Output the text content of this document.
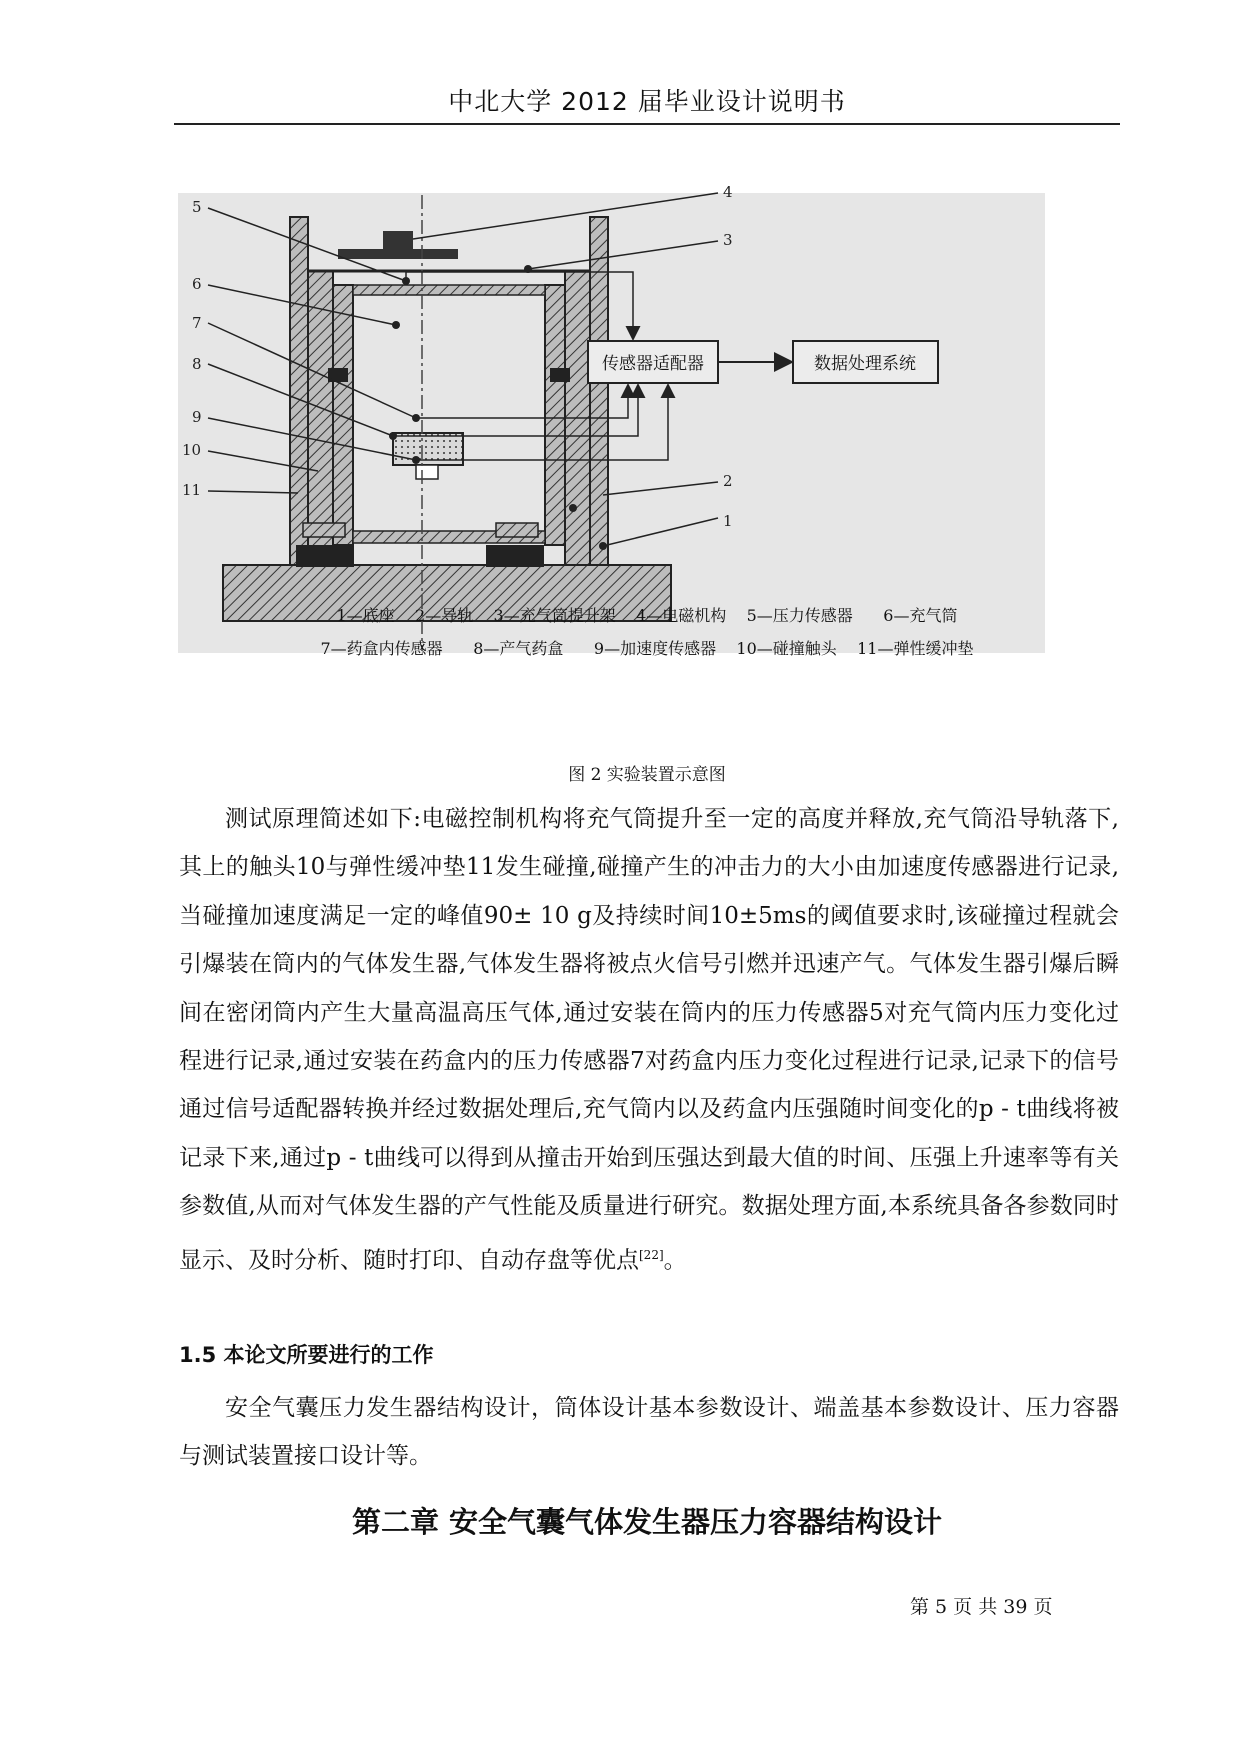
中北大学 2012 届毕业设计说明书
5
6
7
8
9
10
11
4
3
2
1
传感器适配器	数据处理系统
1—底座    2—导轨    3—充气筒提升架    4—电磁机构    5—压力传感器      6—充气筒
7—药盒内传感器      8—产气药盒      9—加速度传感器    10—碰撞触头    11—弹性缓冲垫
图 2 实验装置示意图

测试原理简述如下:电磁控制机构将充气筒提升至一定的高度并释放,充气筒沿导轨落下,其上的触头10与弹性缓冲垫11发生碰撞,碰撞产生的冲击力的大小由加速度传感器进行记录,当碰撞加速度满足一定的峰值90± 10 g及持续时间10±5ms的阈值要求时,该碰撞过程就会引爆装在筒内的气体发生器,气体发生器将被点火信号引燃并迅速产气。气体发生器引爆后瞬间在密闭筒内产生大量高温高压气体,通过安装在筒内的压力传感器5对充气筒内压力变化过程进行记录,通过安装在药盒内的压力传感器7对药盒内压力变化过程进行记录,记录下的信号通过信号适配器转换并经过数据处理后,充气筒内以及药盒内压强随时间变化的p - t曲线将被记录下来,通过p - t曲线可以得到从撞击开始到压强达到最大值的时间、压强上升速率等有关参数值,从而对气体发生器的产气性能及质量进行研究。数据处理方面,本系统具备各参数同时显示、及时分析、随时打印、自动存盘等优点[22]。

1.5 本论文所要进行的工作

安全气囊压力发生器结构设计，筒体设计基本参数设计、端盖基本参数设计、压力容器与测试装置接口设计等。

第二章 安全气囊气体发生器压力容器结构设计
第 5 页 共 39 页
